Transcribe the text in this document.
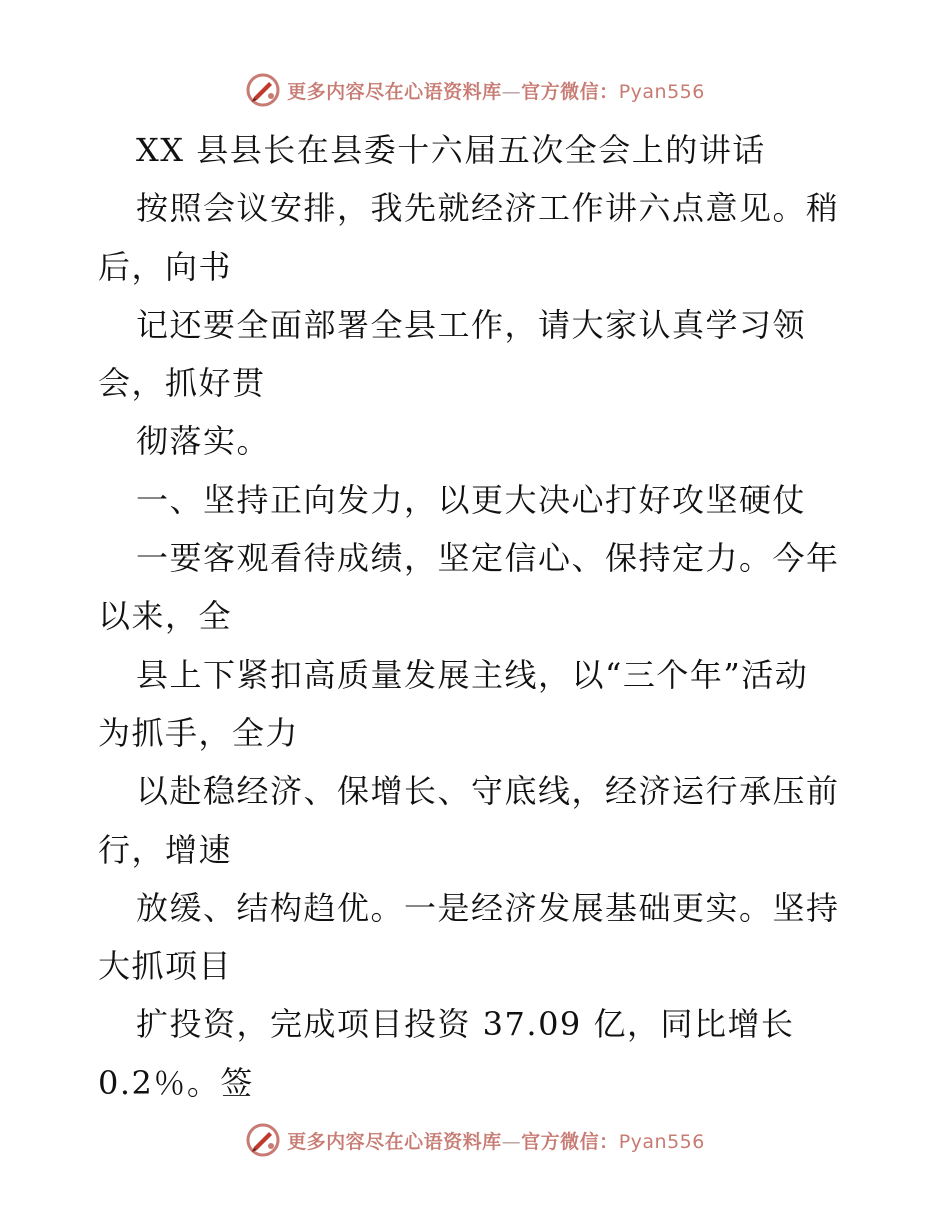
更多内容尽在心语资料库—官方微信：Pyan556
XX 县县长在县委十六届五次全会上的讲话
按照会议安排，我先就经济工作讲六点意见。稍
后，向书
记还要全面部署全县工作，请大家认真学习领
会，抓好贯
彻落实。
一、坚持正向发力，以更大决心打好攻坚硬仗
一要客观看待成绩，坚定信心、保持定力。今年
以来，全
县上下紧扣高质量发展主线，以“三个年”活动
为抓手，全力
以赴稳经济、保增长、守底线，经济运行承压前
行，增速
放缓、结构趋优。一是经济发展基础更实。坚持
大抓项目
扩投资，完成项目投资 37.09 亿，同比增长
0.2％。签
更多内容尽在心语资料库—官方微信：Pyan556
